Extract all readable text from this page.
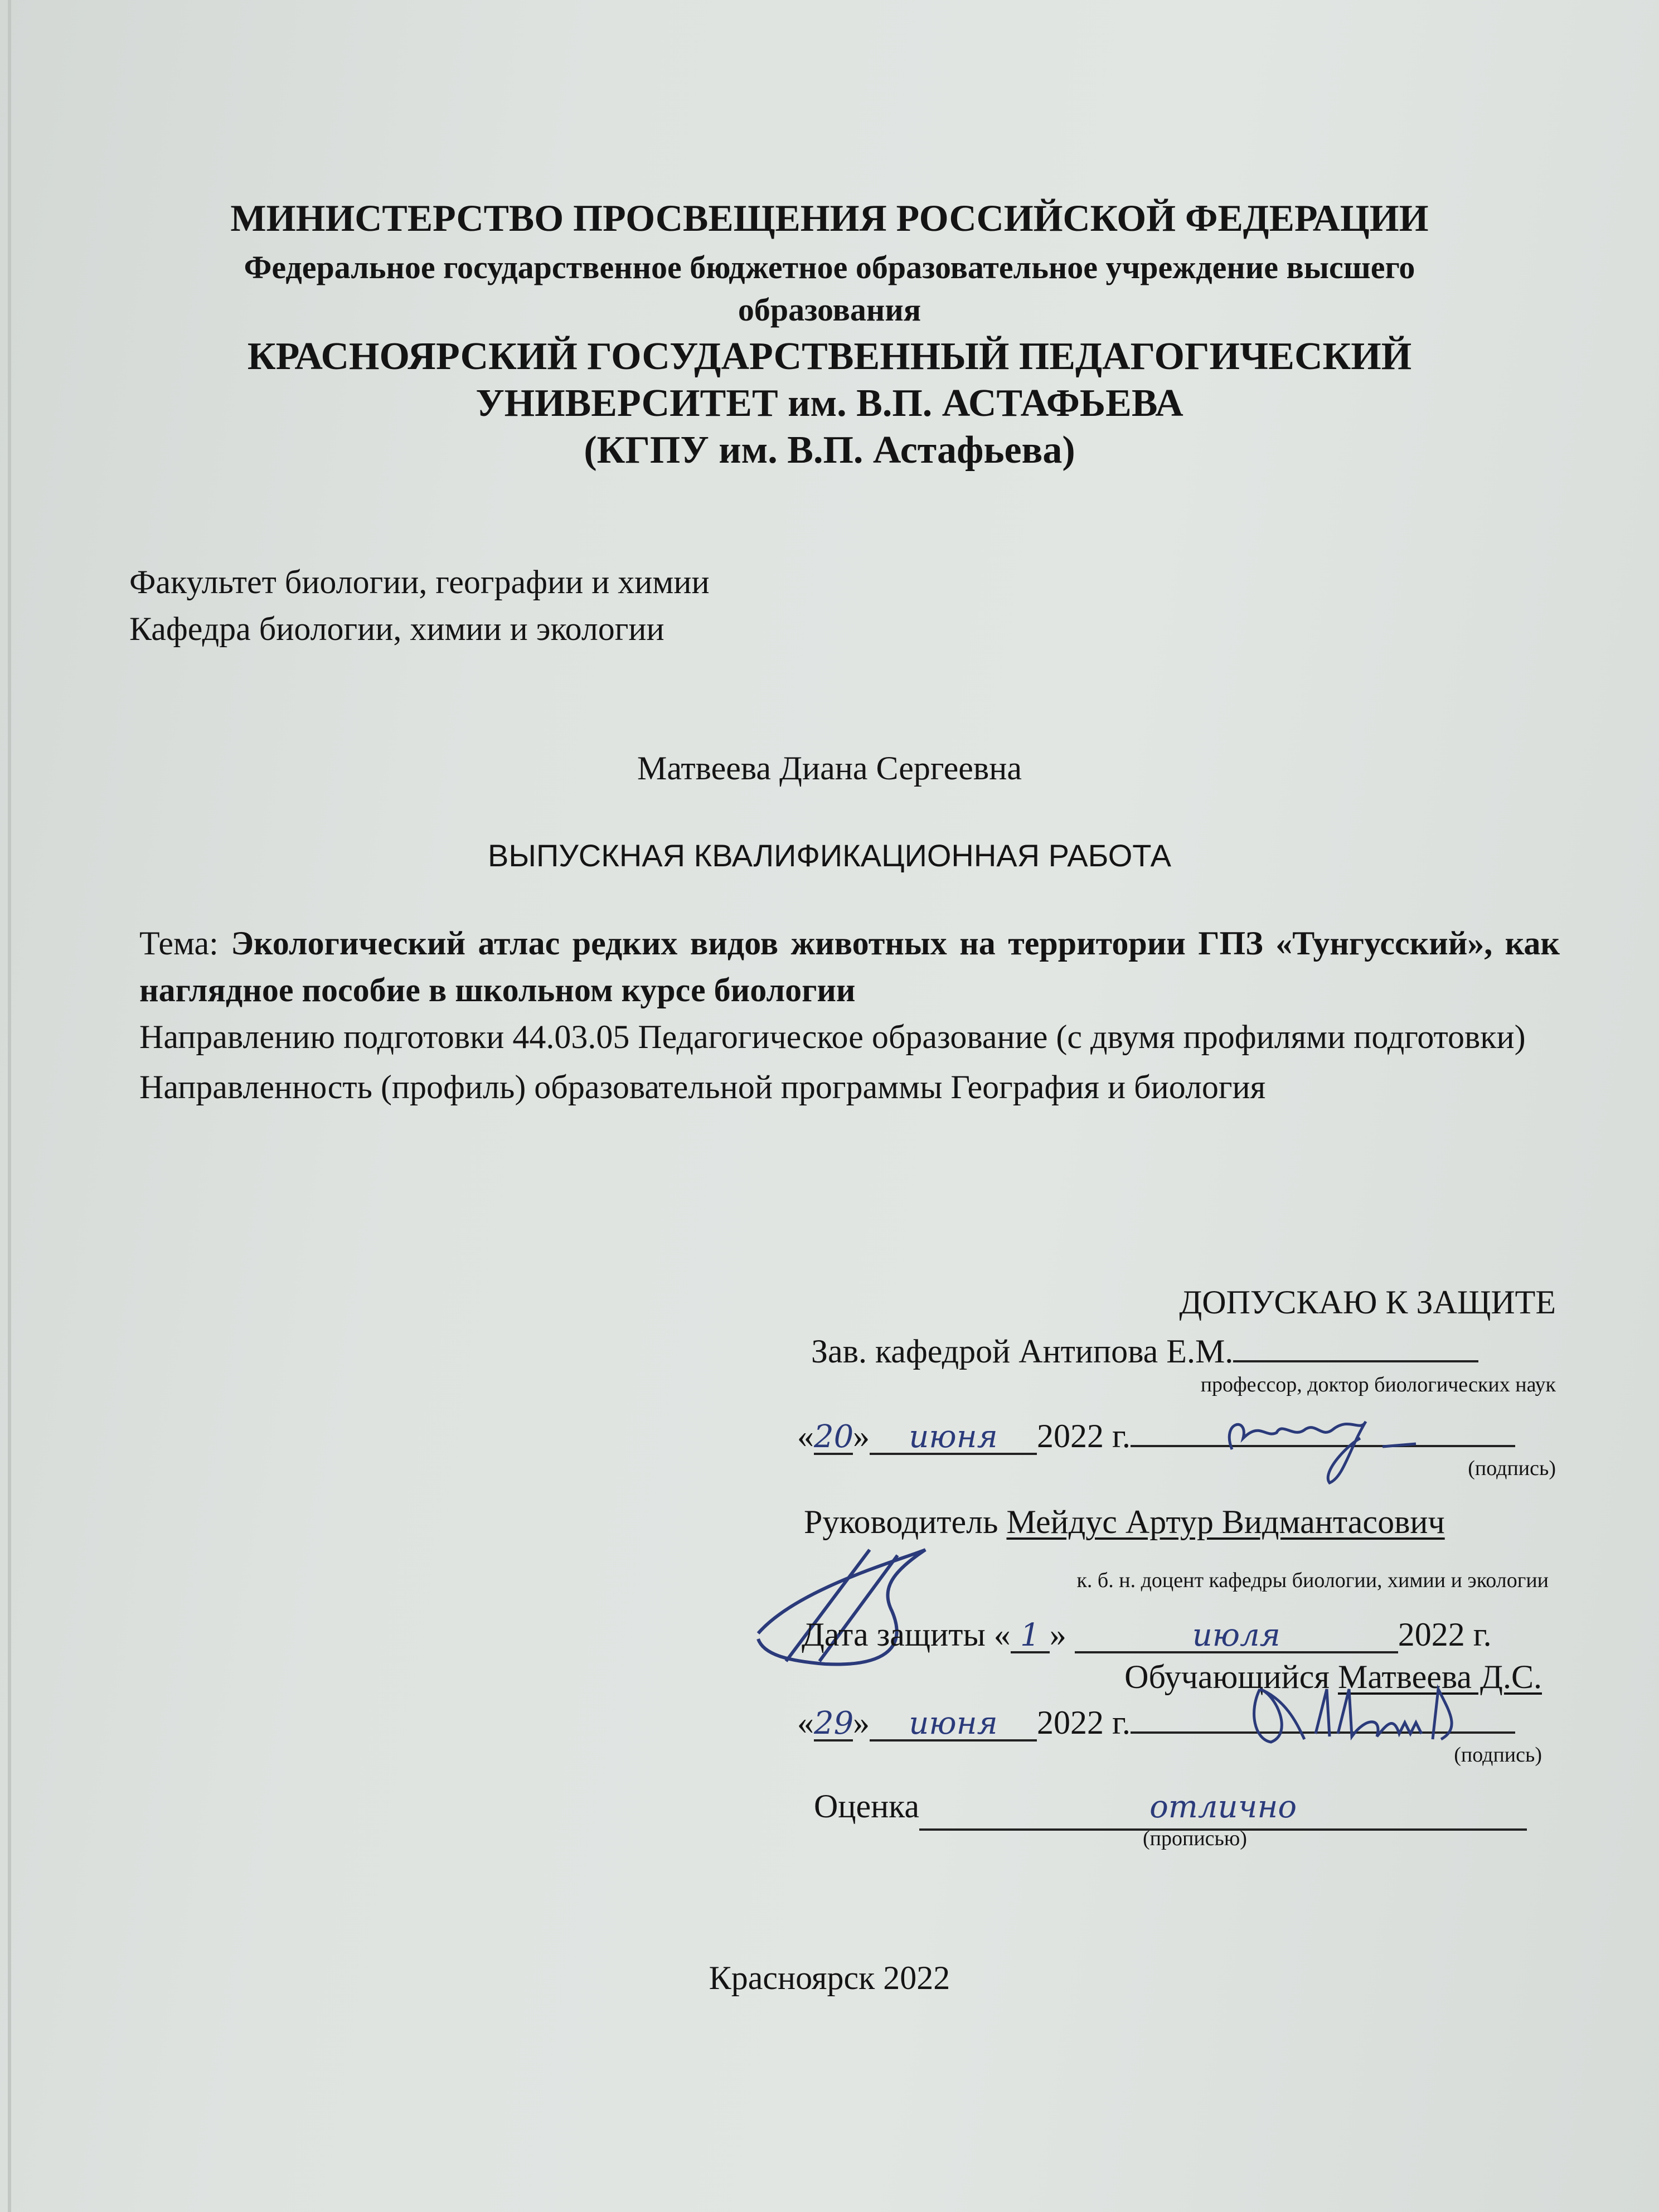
МИНИСТЕРСТВО ПРОСВЕЩЕНИЯ РОССИЙСКОЙ ФЕДЕРАЦИИ
Федеральное государственное бюджетное образовательное учреждение высшего
образования
КРАСНОЯРСКИЙ ГОСУДАРСТВЕННЫЙ ПЕДАГОГИЧЕСКИЙ
УНИВЕРСИТЕТ им. В.П. АСТАФЬЕВА
(КГПУ им. В.П. Астафьева)
Факультет биологии, географии и химии
Кафедра биологии, химии и экологии
Матвеева Диана Сергеевна
ВЫПУСКНАЯ КВАЛИФИКАЦИОННАЯ РАБОТА
Тема: Экологический атлас редких видов животных на территории ГПЗ «Тунгусский», как наглядное пособие в школьном курсе биологии
Направлению подготовки 44.03.05 Педагогическое образование (с двумя профилями подготовки)
Направленность (профиль) образовательной программы География и биология
ДОПУСКАЮ К ЗАЩИТЕ
Зав. кафедрой Антипова Е.М.
профессор, доктор биологических наук
«20» июня 2022 г.
(подпись)
Руководитель Мейдус Артур Видмантасович
к. б. н. доцент кафедры биологии, химии и экологии
Дата защиты « 1 »	июля	2022 г.
Обучающийся Матвеева Д.С.
«29» июня 2022 г.
(подпись)
Оценка	отлично
(прописью)
Красноярск 2022
